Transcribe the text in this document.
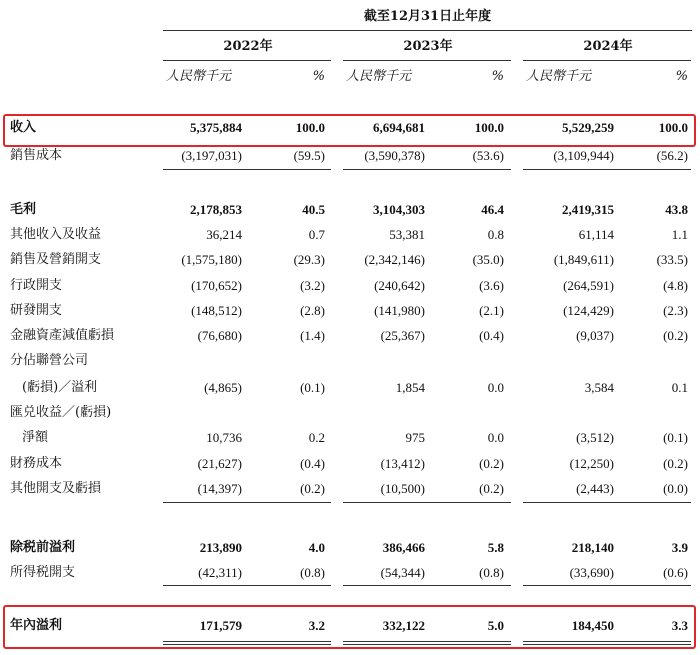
截至12月31日止年度
2022年	2023年	2024年
人民幣千元	% 人民幣千元	% 人民幣千元	%
收入	5,375,884	100.0	6,694,681	100.0	5,529,259	100.0
銷售成本	(3,197,031)	(59.5)	(3,590,378)	(53.6)	(3,109,944)	(56.2)
毛利	2,178,853	40.5	3,104,303	46.4	2,419,315	43.8
其他收入及收益	36,214	0.7	53,381	0.8	61,114	1.1
銷售及營銷開支	(1,575,180)	(29.3)	(2,342,146)	(35.0)	(1,849,611)	(33.5)
行政開支	(170,652)	(3.2)	(240,642)	(3.6)	(264,591)	(4.8)
研發開支	(148,512)	(2.8)	(141,980)	(2.1)	(124,429)	(2.3)
金融資產減值虧損	(76,680)	(1.4)	(25,367)	(0.4)	(9,037)	(0.2)
分佔聯營公司
(虧損)／溢利	(4,865)	(0.1)	1,854	0.0	3,584	0.1
匯兑收益／(虧損)
淨額	10,736	0.2	975	0.0	(3,512)	(0.1)
財務成本	(21,627)	(0.4)	(13,412)	(0.2)	(12,250)	(0.2)
其他開支及虧損	(14,397)	(0.2)	(10,500)	(0.2)	(2,443)	(0.0)
除税前溢利	213,890	4.0	386,466	5.8	218,140	3.9
所得税開支	(42,311)	(0.8)	(54,344)	(0.8)	(33,690)	(0.6)
年內溢利	171,579	3.2	332,122	5.0	184,450	3.3
